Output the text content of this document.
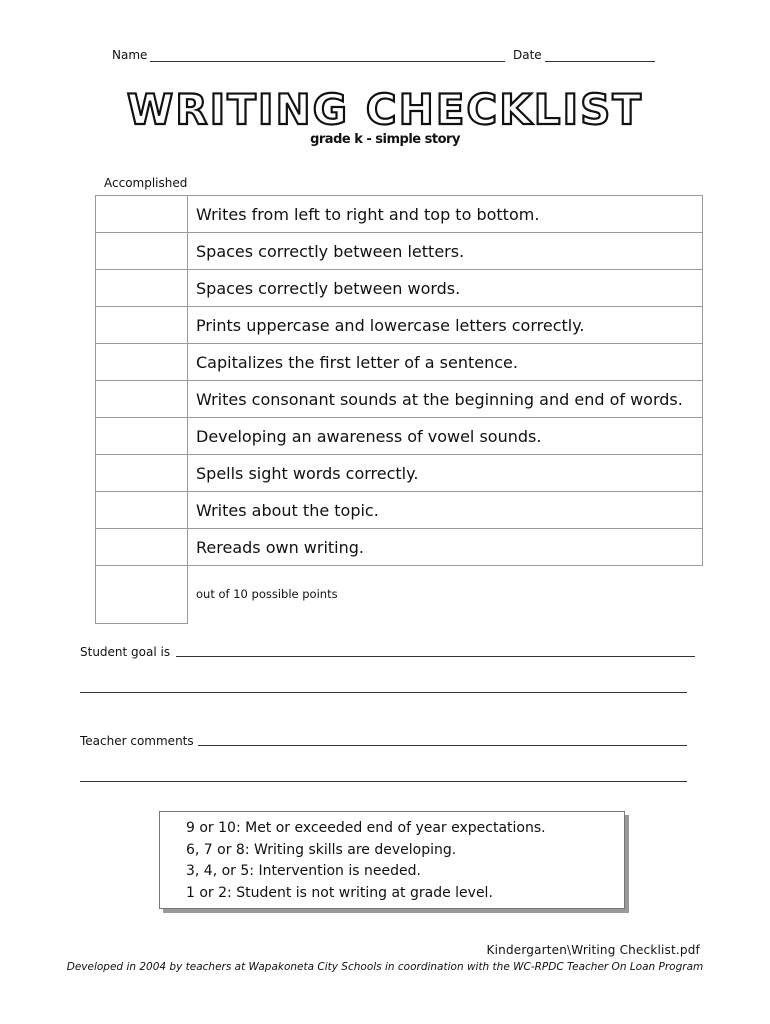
Name	Date
WRITING CHECKLIST
grade k - simple story
Accomplished
	Writes from left to right and top to bottom.
	Spaces correctly between letters.
	Spaces correctly between words.
	Prints uppercase and lowercase letters correctly.
	Capitalizes the first letter of a sentence.
	Writes consonant sounds at the beginning and end of words.
	Developing an awareness of vowel sounds.
	Spells sight words correctly.
	Writes about the topic.
	Rereads own writing.
	out of 10 possible points
Student goal is
Teacher comments
9 or 10: Met or exceeded end of year expectations.
6, 7 or 8: Writing skills are developing.
3, 4, or 5: Intervention is needed.
1 or 2: Student is not writing at grade level.
Kindergarten\Writing Checklist.pdf
Developed in 2004 by teachers at Wapakoneta City Schools in coordination with the WC-RPDC Teacher On Loan Program
